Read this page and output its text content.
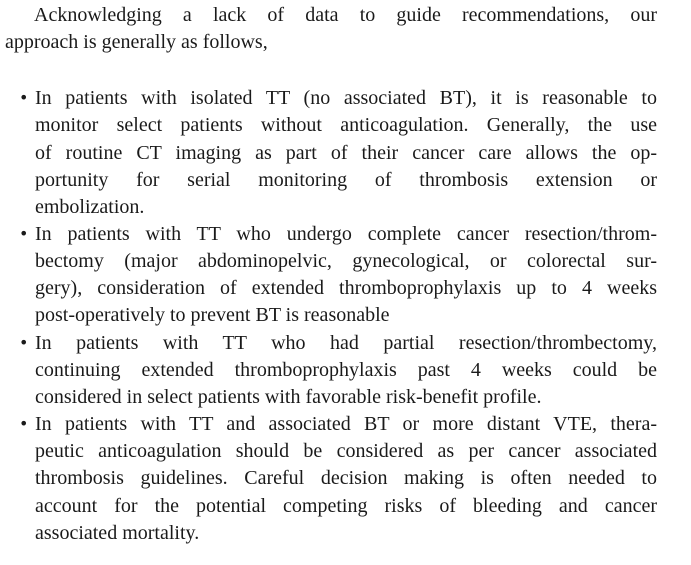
Acknowledging a lack of data to guide recommendations, our
approach is generally as follows,
• In patients with isolated TT (no associated BT), it is reasonable to
monitor select patients without anticoagulation. Generally, the use
of routine CT imaging as part of their cancer care allows the op-
portunity for serial monitoring of thrombosis extension or
embolization.
• In patients with TT who undergo complete cancer resection/throm-
bectomy (major abdominopelvic, gynecological, or colorectal sur-
gery), consideration of extended thromboprophylaxis up to 4 weeks
post-operatively to prevent BT is reasonable
• In patients with TT who had partial resection/thrombectomy,
continuing extended thromboprophylaxis past 4 weeks could be
considered in select patients with favorable risk-benefit profile.
• In patients with TT and associated BT or more distant VTE, thera-
peutic anticoagulation should be considered as per cancer associated
thrombosis guidelines. Careful decision making is often needed to
account for the potential competing risks of bleeding and cancer
associated mortality.
